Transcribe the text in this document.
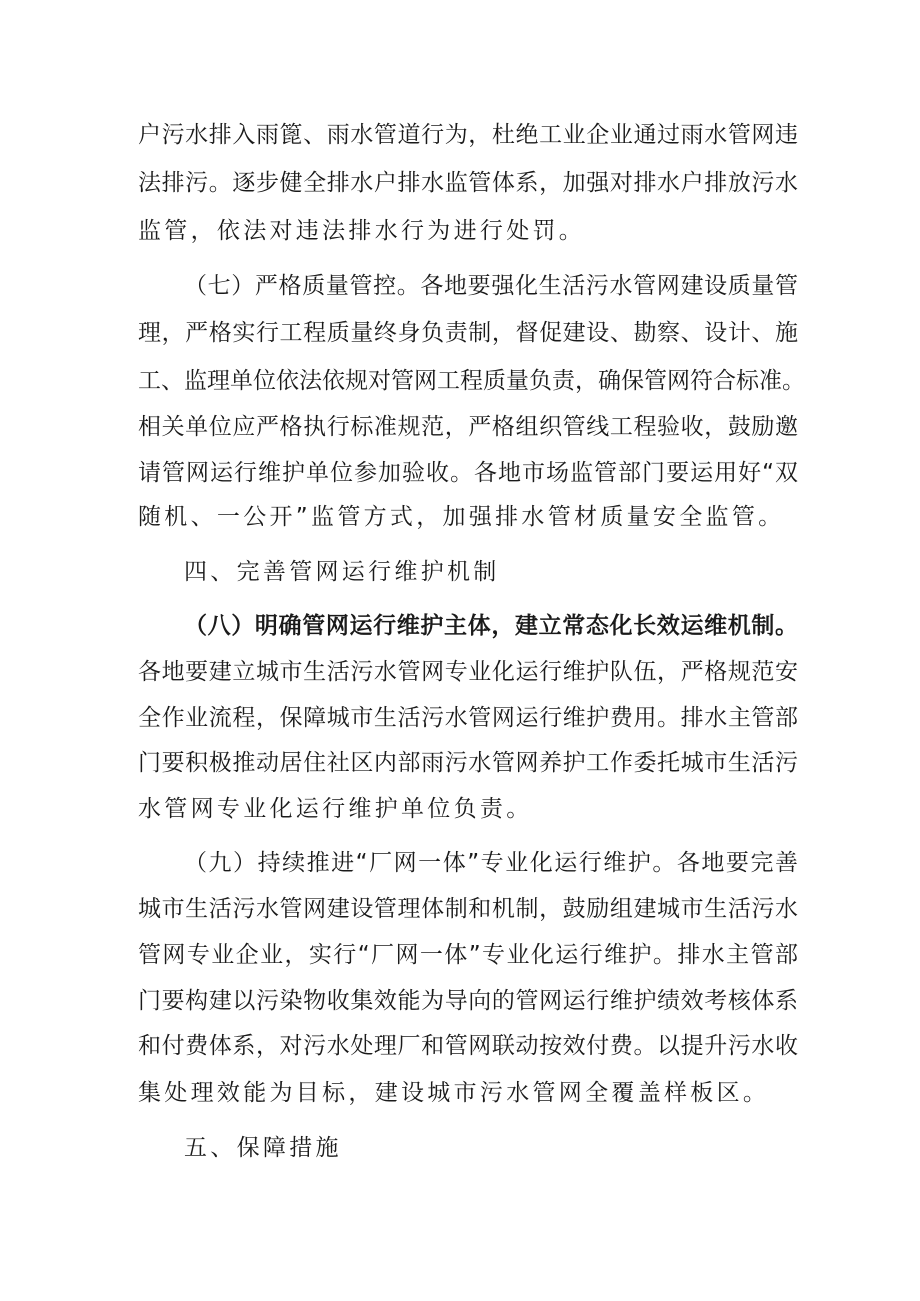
户污水排入雨篦、雨水管道行为，杜绝工业企业通过雨水管网违
法排污。逐步健全排水户排水监管体系，加强对排水户排放污水
监管，依法对违法排水行为进行处罚。
（七）严格质量管控。各地要强化生活污水管网建设质量管
理，严格实行工程质量终身负责制，督促建设、勘察、设计、施
工、监理单位依法依规对管网工程质量负责，确保管网符合标准。
相关单位应严格执行标准规范，严格组织管线工程验收，鼓励邀
请管网运行维护单位参加验收。各地市场监管部门要运用好“双
随机、一公开”监管方式，加强排水管材质量安全监管。
四、完善管网运行维护机制
（八）明确管网运行维护主体，建立常态化长效运维机制。
各地要建立城市生活污水管网专业化运行维护队伍，严格规范安
全作业流程，保障城市生活污水管网运行维护费用。排水主管部
门要积极推动居住社区内部雨污水管网养护工作委托城市生活污
水管网专业化运行维护单位负责。
（九）持续推进“厂网一体”专业化运行维护。各地要完善
城市生活污水管网建设管理体制和机制，鼓励组建城市生活污水
管网专业企业，实行“厂网一体”专业化运行维护。排水主管部
门要构建以污染物收集效能为导向的管网运行维护绩效考核体系
和付费体系，对污水处理厂和管网联动按效付费。以提升污水收
集处理效能为目标，建设城市污水管网全覆盖样板区。
五、保障措施
